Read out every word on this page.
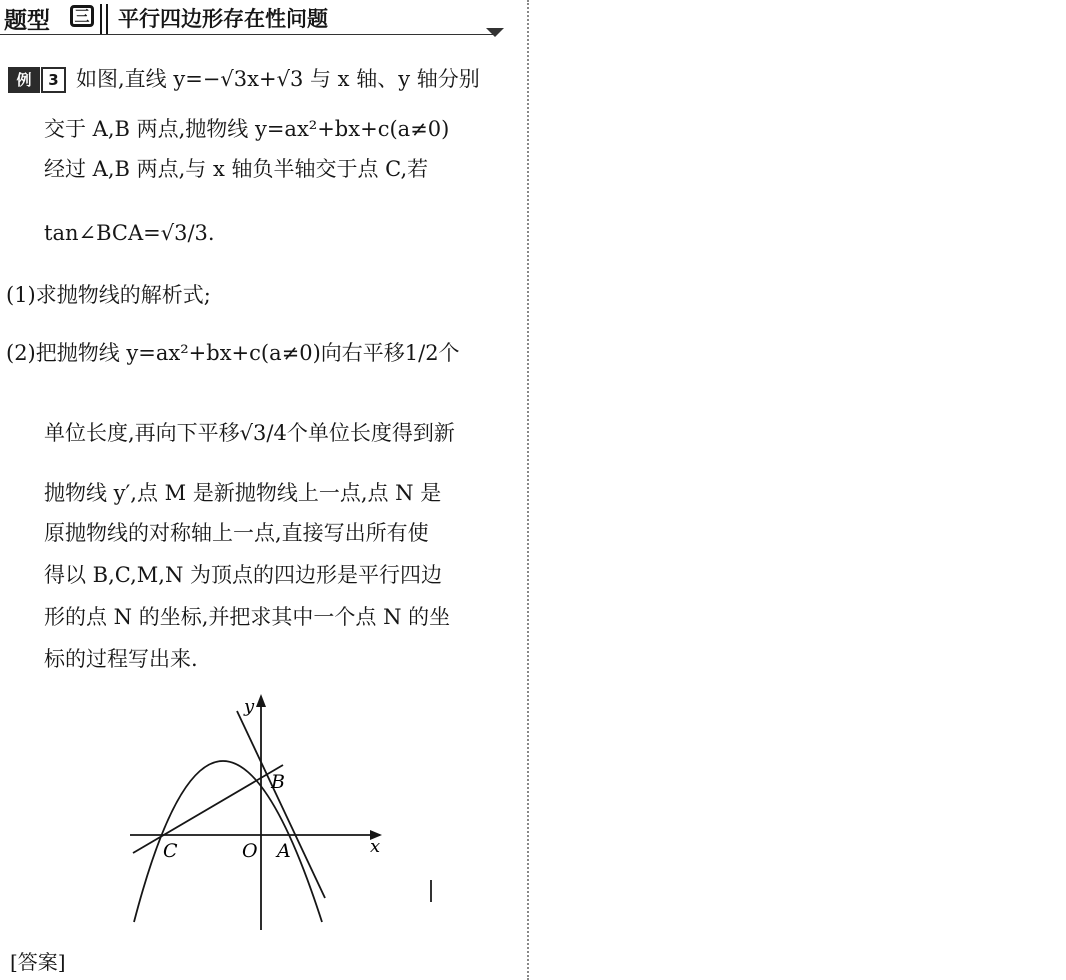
题型 三 平行四边形存在性问题
例	3 如图,直线 y=−√3x+√3 与 x 轴、y 轴分别
交于 A,B 两点,抛物线 y=ax²+bx+c(a≠0)
经过 A,B 两点,与 x 轴负半轴交于点 C,若
tan∠BCA=√3/3.
(1)求抛物线的解析式;
(2)把抛物线 y=ax²+bx+c(a≠0)向右平移1/2个
单位长度,再向下平移√3/4个单位长度得到新
抛物线 y′,点 M 是新抛物线上一点,点 N 是
原抛物线的对称轴上一点,直接写出所有使
得以 B,C,M,N 为顶点的四边形是平行四边
形的点 N 的坐标,并把求其中一个点 N 的坐
标的过程写出来.
y
x
B
C	O A
[答案]
